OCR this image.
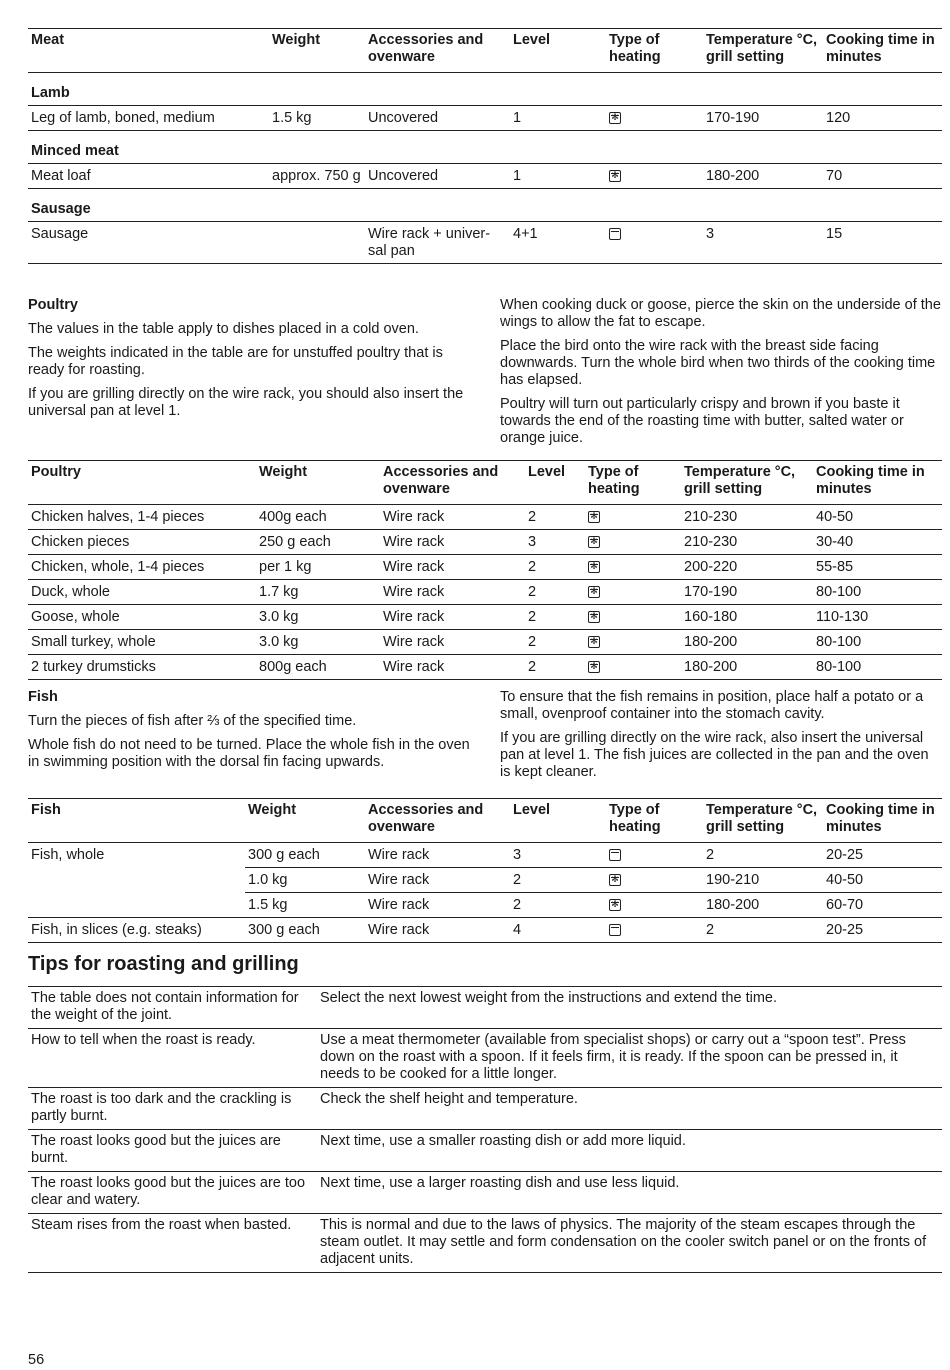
Meat	Weight	Accessories and ovenware	Level	Type of heating	Temperature °C, grill setting	Cooking time in minutes
Lamb						
Leg of lamb, boned, medium	1.5 kg	Uncovered	1	✻	170-190	120
Minced meat						
Meat loaf	approx. 750 g	Uncovered	1	✻	180-200	70
Sausage						
Sausage		Wire rack + univer-sal pan	4+1		3	15
Poultry

The values in the table apply to dishes placed in a cold oven.

The weights indicated in the table are for unstuffed poultry that is ready for roasting.

If you are grilling directly on the wire rack, you should also insert the universal pan at level 1.

When cooking duck or goose, pierce the skin on the underside of the wings to allow the fat to escape.

Place the bird onto the wire rack with the breast side facing downwards. Turn the whole bird when two thirds of the cooking time has elapsed.

Poultry will turn out particularly crispy and brown if you baste it towards the end of the roasting time with butter, salted water or orange juice.

Poultry	Weight	Accessories and ovenware	Level	Type of heating	Temperature °C, grill setting	Cooking time in minutes
Chicken halves, 1-4 pieces	400g each	Wire rack	2	✻	210-230	40-50
Chicken pieces	250 g each	Wire rack	3	✻	210-230	30-40
Chicken, whole, 1-4 pieces	per 1 kg	Wire rack	2	✻	200-220	55-85
Duck, whole	1.7 kg	Wire rack	2	✻	170-190	80-100
Goose, whole	3.0 kg	Wire rack	2	✻	160-180	110-130
Small turkey, whole	3.0 kg	Wire rack	2	✻	180-200	80-100
2 turkey drumsticks	800g each	Wire rack	2	✻	180-200	80-100
Fish

Turn the pieces of fish after ⅔ of the specified time.

Whole fish do not need to be turned. Place the whole fish in the oven in swimming position with the dorsal fin facing upwards.

To ensure that the fish remains in position, place half a potato or a small, ovenproof container into the stomach cavity.

If you are grilling directly on the wire rack, also insert the universal pan at level 1. The fish juices are collected in the pan and the oven is kept cleaner.

Fish	Weight	Accessories and ovenware	Level	Type of heating	Temperature °C, grill setting	Cooking time in minutes
Fish, whole	300 g each	Wire rack	3		2	20-25
	1.0 kg	Wire rack	2	✻	190-210	40-50
	1.5 kg	Wire rack	2	✻	180-200	60-70
Fish, in slices (e.g. steaks)	300 g each	Wire rack	4		2	20-25
Tips for roasting and grilling
The table does not contain information for the weight of the joint.	Select the next lowest weight from the instructions and extend the time.
How to tell when the roast is ready.	Use a meat thermometer (available from specialist shops) or carry out a “spoon test”. Press down on the roast with a spoon. If it feels firm, it is ready. If the spoon can be pressed in, it needs to be cooked for a little longer.
The roast is too dark and the crackling is partly burnt.	Check the shelf height and temperature.
The roast looks good but the juices are burnt.	Next time, use a smaller roasting dish or add more liquid.
The roast looks good but the juices are too clear and watery.	Next time, use a larger roasting dish and use less liquid.
Steam rises from the roast when basted.	This is normal and due to the laws of physics. The majority of the steam escapes through the steam outlet. It may settle and form condensation on the cooler switch panel or on the fronts of adjacent units.
56
